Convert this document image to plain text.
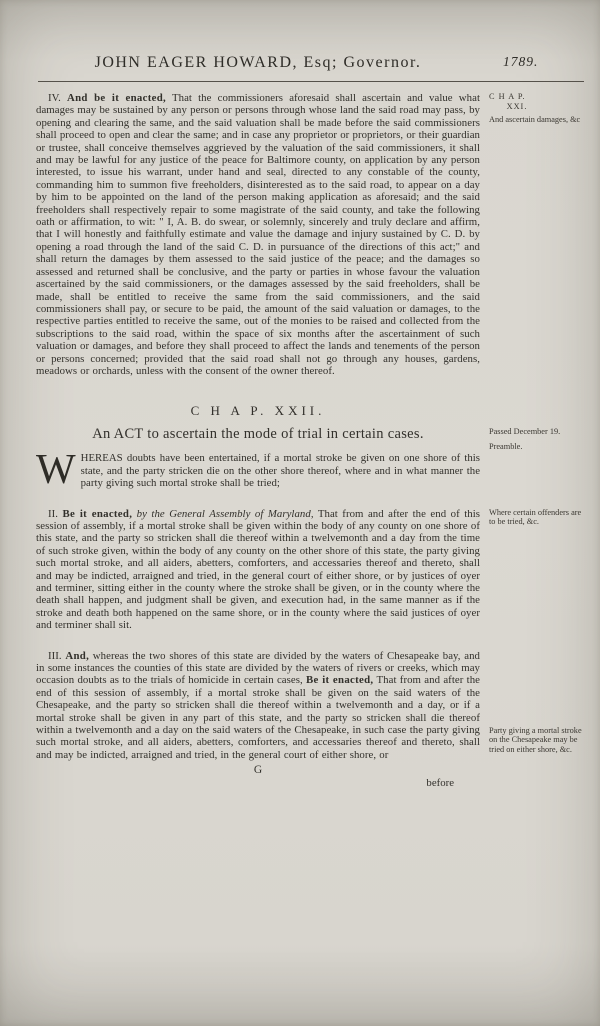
JOHN EAGER HOWARD, Esq; Governor.	1789.

IV. And be it enacted, That the commissioners aforesaid shall ascertain and value what damages may be sustained by any person or persons through whose land the said road may pass, by opening and clearing the same, and the said valuation shall be made before the said commissioners shall proceed to open and clear the same; and in case any proprietor or proprietors, or their guardian or trustee, shall conceive themselves aggrieved by the valuation of the said commissioners, it shall and may be lawful for any justice of the peace for Baltimore county, on application by any person interested, to issue his warrant, under hand and seal, directed to any constable of the county, commanding him to summon five freeholders, disinterested as to the said road, to appear on a day by him to be appointed on the land of the person making application as aforesaid; and the said freeholders shall respectively repair to some magistrate of the said county, and take the following oath or affirmation, to wit: " I, A. B. do swear, or solemnly, sincerely and truly declare and affirm, that I will honestly and faithfully estimate and value the damage and injury sustained by C. D. by opening a road through the land of the said C. D. in pursuance of the directions of this act;" and shall return the damages by them assessed to the said justice of the peace; and the damages so assessed and returned shall be conclusive, and the party or parties in whose favour the valuation ascertained by the said commissioners, or the damages assessed by the said freeholders, shall be made, shall be entitled to receive the same from the said commissioners, and the said commissioners shall pay, or secure to be paid, the amount of the said valuation or damages, to the respective parties entitled to receive the same, out of the monies to be raised and collected from the subscriptions to the said road, within the space of six months after the ascertainment of such valuation or damages, and before they shall proceed to affect the lands and tenements of the person or persons concerned; provided that the said road shall not go through any houses, gardens, meadows or orchards, unless with the consent of the owner thereof.

C H A P.
XXI.
And ascertain damages, &c
C H A P. XXII.
An ACT to ascertain the mode of trial in certain cases.

WHEREAS doubts have been entertained, if a mortal stroke be given on one shore of this state, and the party stricken die on the other shore thereof, where and in what manner the party giving such mortal stroke shall be tried;

Passed December 19.
Preamble.

II. Be it enacted, by the General Assembly of Maryland, That from and after the end of this session of assembly, if a mortal stroke shall be given within the body of any county on one shore of this state, and the party so stricken shall die thereof within a twelvemonth and a day from the time of such stroke given, within the body of any county on the other shore of this state, the party giving such mortal stroke, and all aiders, abetters, comforters, and accessaries thereof and thereto, shall and may be indicted, arraigned and tried, in the general court of either shore, or by justices of oyer and terminer, sitting either in the county where the stroke shall be given, or in the county where the death shall happen, and judgment shall be given, and execution had, in the same manner as if the stroke and death both happened on the same shore, or in the county where the said justices of oyer and terminer shall sit.

Where certain offenders are to be tried, &c.

III. And, whereas the two shores of this state are divided by the waters of Chesapeake bay, and in some instances the counties of this state are divided by the waters of rivers or creeks, which may occasion doubts as to the trials of homicide in certain cases, Be it enacted, That from and after the end of this session of assembly, if a mortal stroke shall be given on the said waters of the Chesapeake, and the party so stricken shall die thereof within a twelvemonth and a day, or if a mortal stroke shall be given in any part of this state, and the party so stricken shall die thereof within a twelvemonth and a day on the said waters of the Chesapeake, in such case the party giving such mortal stroke, and all aiders, abetters, comforters, and accessaries thereof and thereto, shall and may be indicted, arraigned and tried, in the general court of either shore, or

G
before
Party giving a mortal stroke on the Chesapeake may be tried on either shore, &c.
